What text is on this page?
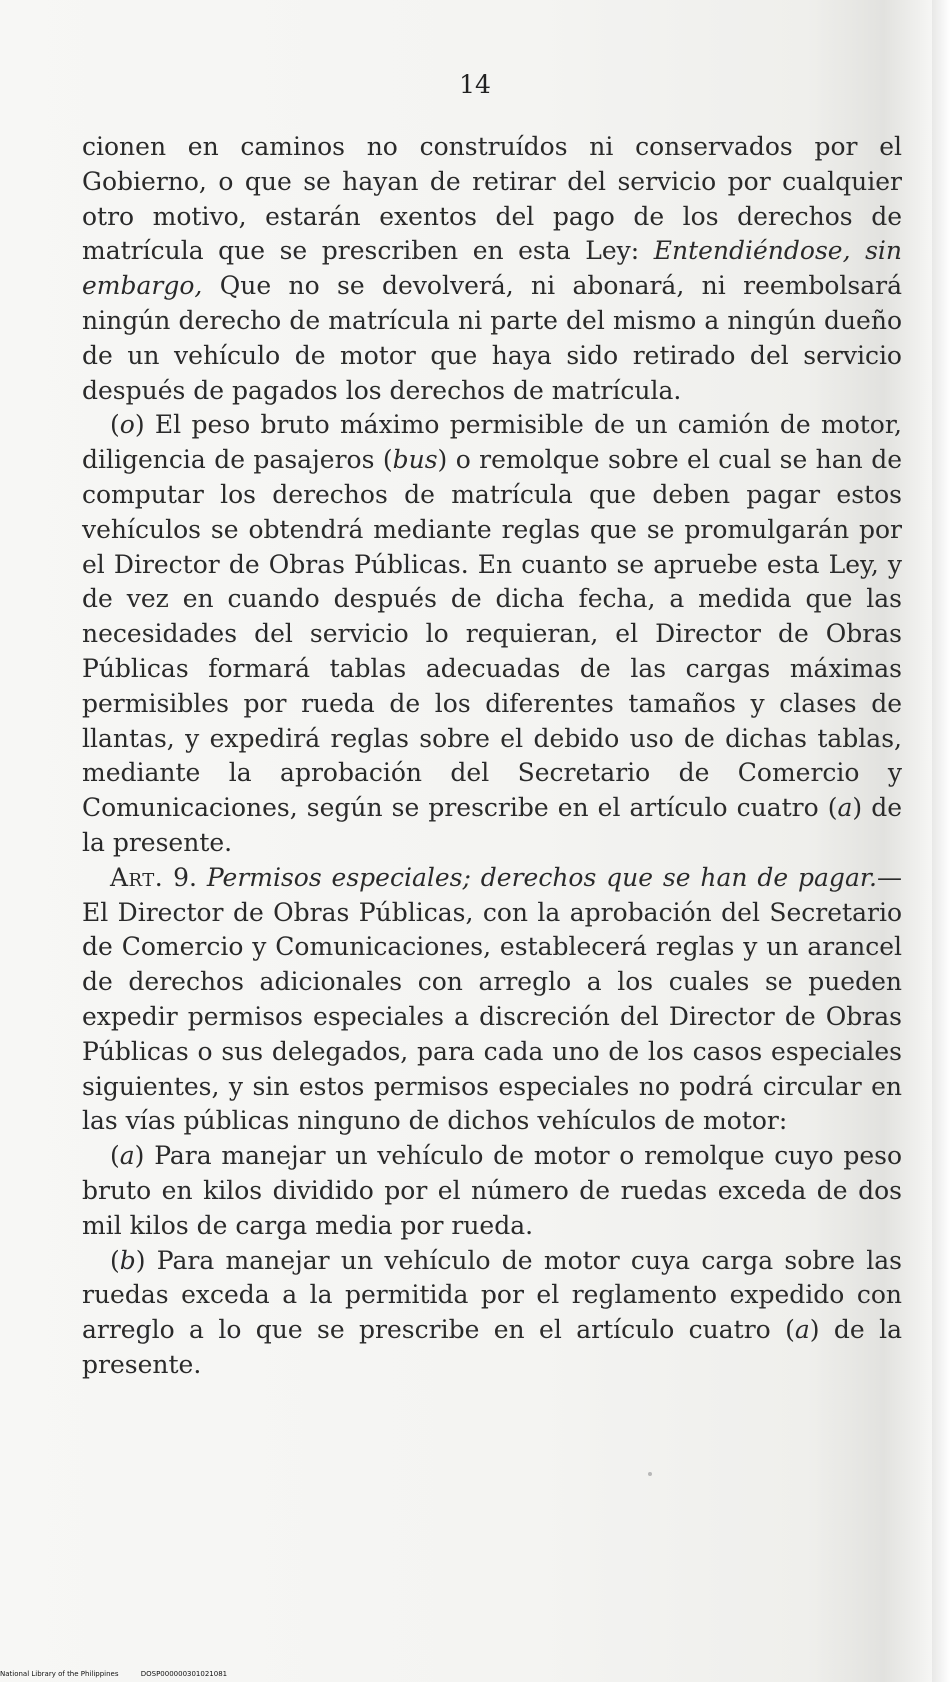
14

cionen en caminos no construídos ni conservados por el Gobierno, o que se hayan de retirar del servicio por cualquier otro motivo, estarán exentos del pago de los derechos de matrícula que se prescriben en esta Ley: Entendiéndose, sin embargo, Que no se devolverá, ni abonará, ni reembolsará ningún derecho de matrícula ni parte del mismo a ningún dueño de un vehículo de motor que haya sido retirado del servicio después de pagados los derechos de matrícula.

(o) El peso bruto máximo permisible de un camión de motor, diligencia de pasajeros (bus) o remolque sobre el cual se han de computar los derechos de matrícula que deben pagar estos vehículos se obtendrá mediante reglas que se promulgarán por el Director de Obras Públicas. En cuanto se apruebe esta Ley, y de vez en cuando después de dicha fecha, a medida que las necesidades del servicio lo requieran, el Director de Obras Públicas formará tablas adecuadas de las cargas máximas permisibles por rueda de los diferentes tamaños y clases de llantas, y expedirá reglas sobre el debido uso de dichas tablas, mediante la aprobación del Secretario de Comercio y Comunicaciones, según se prescribe en el artículo cuatro (a) de la presente.

Art. 9. Permisos especiales; derechos que se han de pagar.—El Director de Obras Públicas, con la aprobación del Secretario de Comercio y Comunicaciones, establecerá reglas y un arancel de derechos adicionales con arreglo a los cuales se pueden expedir permisos especiales a discreción del Director de Obras Públicas o sus delegados, para cada uno de los casos especiales siguientes, y sin estos permisos especiales no podrá circular en las vías públicas ninguno de dichos vehículos de motor:

(a) Para manejar un vehículo de motor o remolque cuyo peso bruto en kilos dividido por el número de ruedas exceda de dos mil kilos de carga media por rueda.

(b) Para manejar un vehículo de motor cuya carga sobre las ruedas exceda a la permitida por el reglamento expedido con arreglo a lo que se prescribe en el artículo cuatro (a) de la presente.

National Library of the Philippines	DOSP000000301021081
